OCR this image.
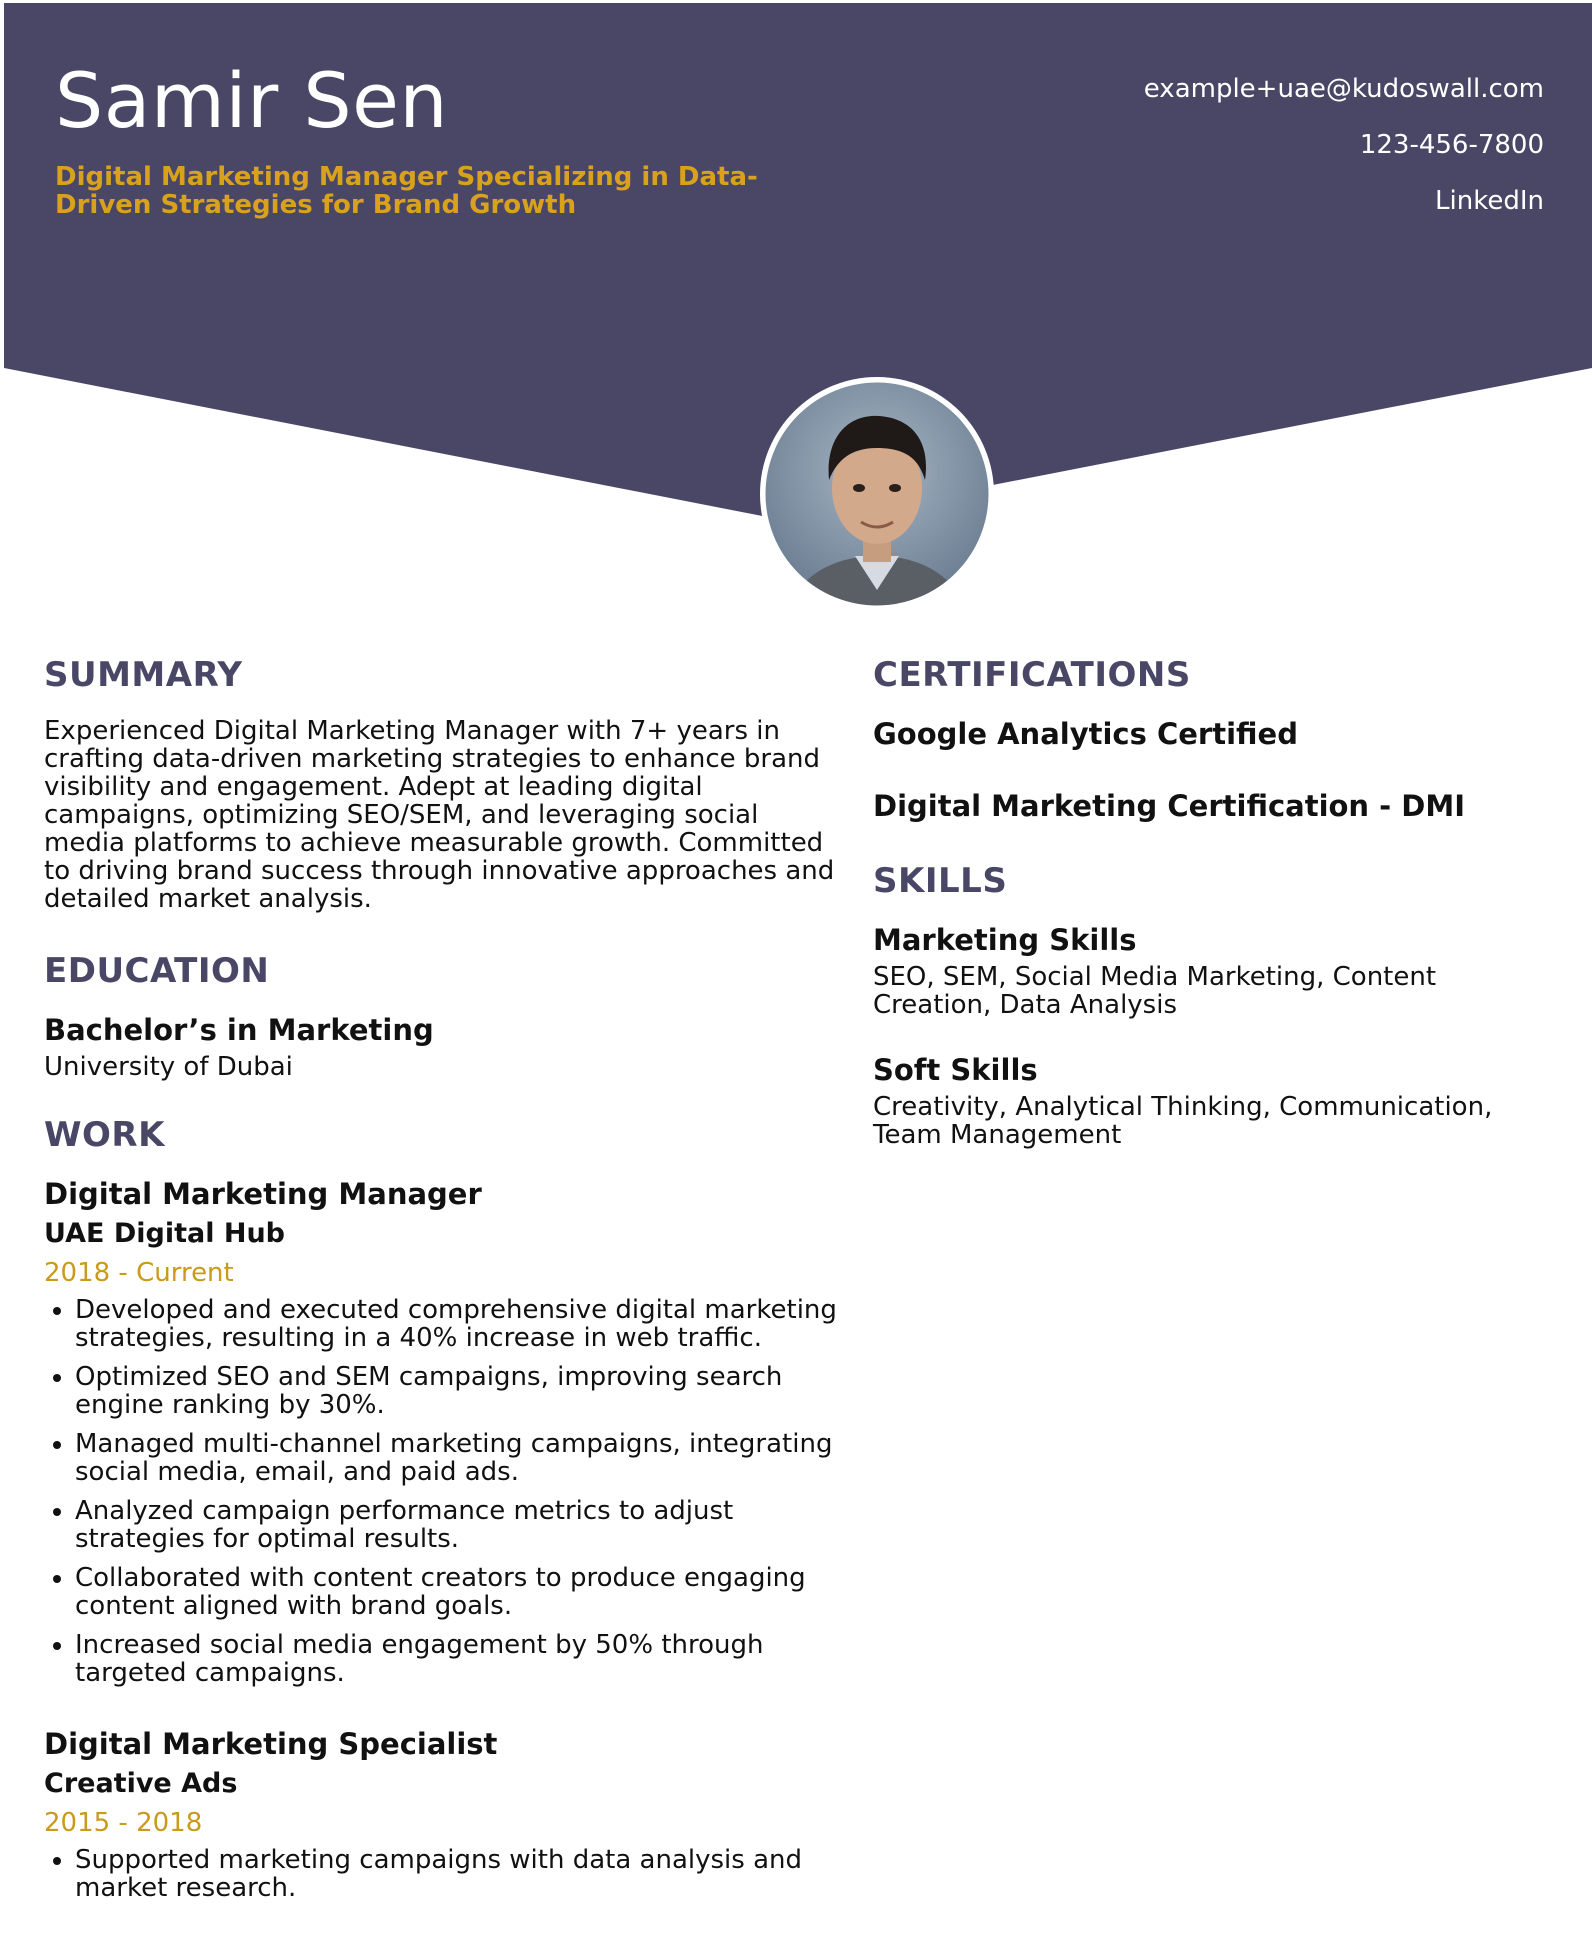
Samir Sen

Digital Marketing Manager Specializing in Data-Driven Strategies for Brand Growth

example+uae@kudoswall.com
123-456-7800
LinkedIn
SUMMARY

Experienced Digital Marketing Manager with 7+ years in crafting data-driven marketing strategies to enhance brand visibility and engagement. Adept at leading digital campaigns, optimizing SEO/SEM, and leveraging social media platforms to achieve measurable growth. Committed to driving brand success through innovative approaches and detailed market analysis.

EDUCATION
Bachelor’s in Marketing
University of Dubai
WORK
Digital Marketing Manager
UAE Digital Hub
2018 - Current
• Developed and executed comprehensive digital marketing strategies, resulting in a 40% increase in web traffic.
• Optimized SEO and SEM campaigns, improving search engine ranking by 30%.
• Managed multi-channel marketing campaigns, integrating social media, email, and paid ads.
• Analyzed campaign performance metrics to adjust strategies for optimal results.
• Collaborated with content creators to produce engaging content aligned with brand goals.
• Increased social media engagement by 50% through targeted campaigns.
Digital Marketing Specialist
Creative Ads
2015 - 2018
• Supported marketing campaigns with data analysis and market research.
CERTIFICATIONS
Google Analytics Certified
Digital Marketing Certification - DMI
SKILLS
Marketing Skills
SEO, SEM, Social Media Marketing, Content Creation, Data Analysis
Soft Skills
Creativity, Analytical Thinking, Communication, Team Management
